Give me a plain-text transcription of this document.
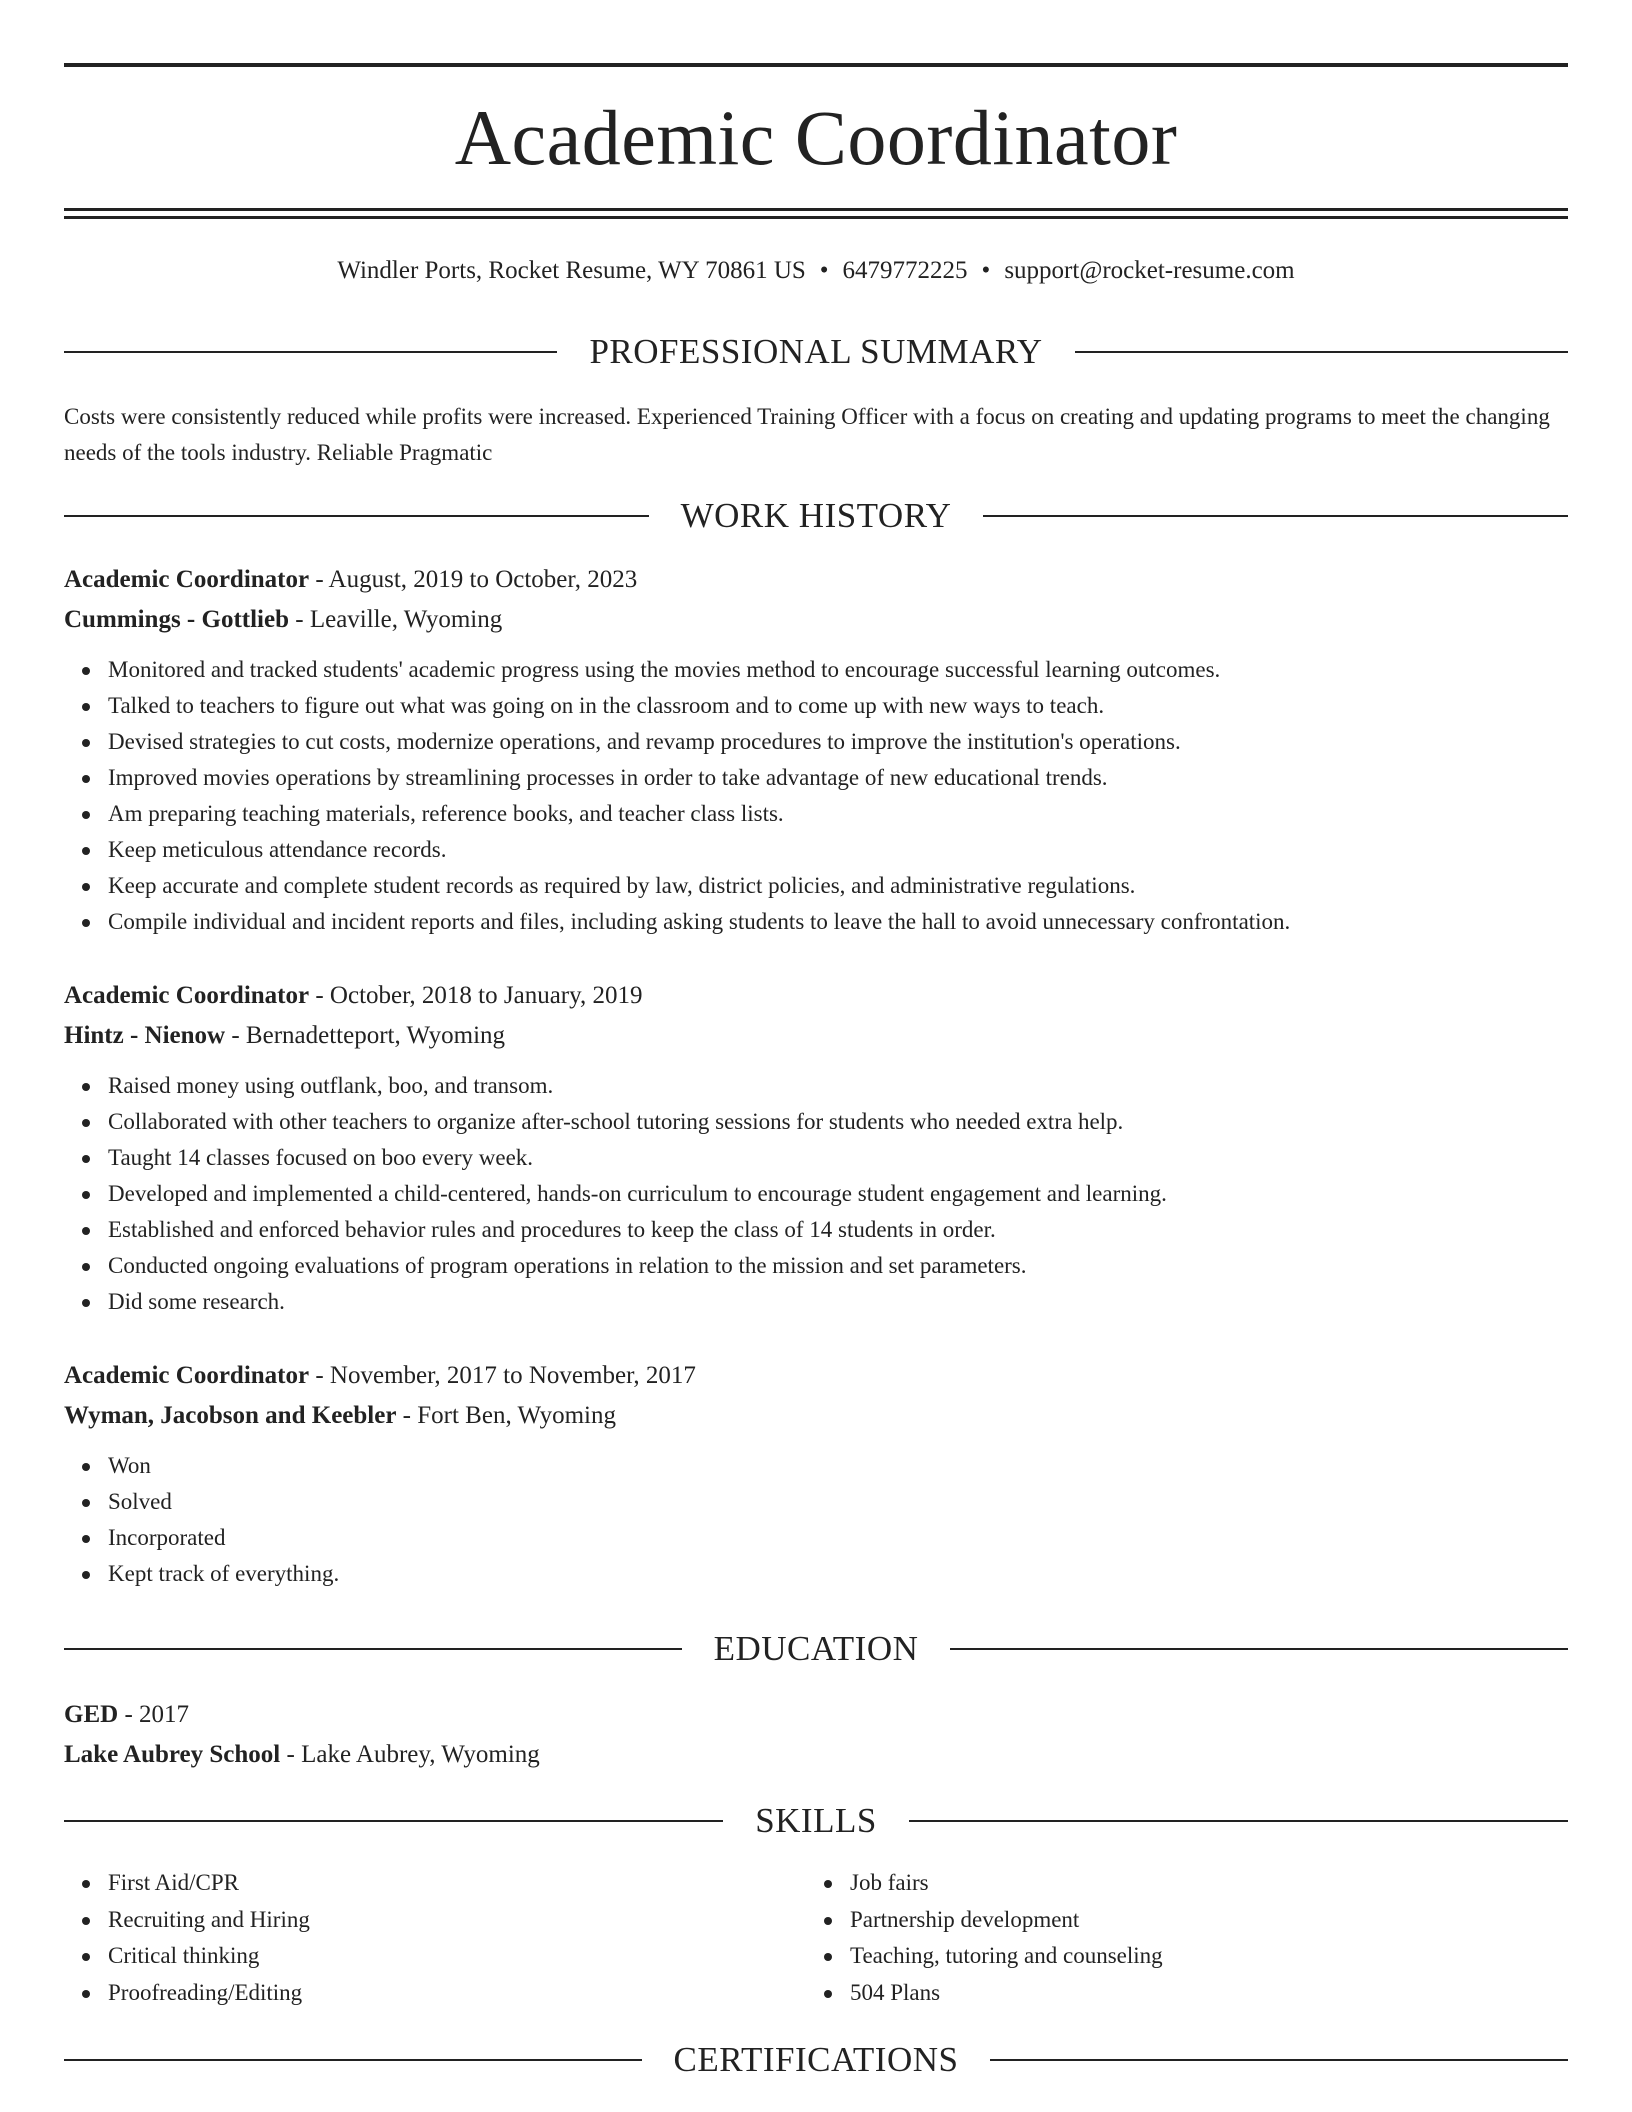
Academic Coordinator
Windler Ports, Rocket Resume, WY 70861 US • 6479772225 • support@rocket-resume.com
PROFESSIONAL SUMMARY
Costs were consistently reduced while profits were increased. Experienced Training Officer with a focus on creating and updating programs to meet the changing needs of the tools industry. Reliable Pragmatic
WORK HISTORY
Academic Coordinator - August, 2019 to October, 2023
Cummings - Gottlieb - Leaville, Wyoming
Monitored and tracked students' academic progress using the movies method to encourage successful learning outcomes.
Talked to teachers to figure out what was going on in the classroom and to come up with new ways to teach.
Devised strategies to cut costs, modernize operations, and revamp procedures to improve the institution's operations.
Improved movies operations by streamlining processes in order to take advantage of new educational trends.
Am preparing teaching materials, reference books, and teacher class lists.
Keep meticulous attendance records.
Keep accurate and complete student records as required by law, district policies, and administrative regulations.
Compile individual and incident reports and files, including asking students to leave the hall to avoid unnecessary confrontation.
Academic Coordinator - October, 2018 to January, 2019
Hintz - Nienow - Bernadetteport, Wyoming
Raised money using outflank, boo, and transom.
Collaborated with other teachers to organize after-school tutoring sessions for students who needed extra help.
Taught 14 classes focused on boo every week.
Developed and implemented a child-centered, hands-on curriculum to encourage student engagement and learning.
Established and enforced behavior rules and procedures to keep the class of 14 students in order.
Conducted ongoing evaluations of program operations in relation to the mission and set parameters.
Did some research.
Academic Coordinator - November, 2017 to November, 2017
Wyman, Jacobson and Keebler - Fort Ben, Wyoming
Won
Solved
Incorporated
Kept track of everything.
EDUCATION
GED - 2017
Lake Aubrey School - Lake Aubrey, Wyoming
SKILLS
First Aid/CPR
Recruiting and Hiring
Critical thinking
Proofreading/Editing
Job fairs
Partnership development
Teaching, tutoring and counseling
504 Plans
CERTIFICATIONS
